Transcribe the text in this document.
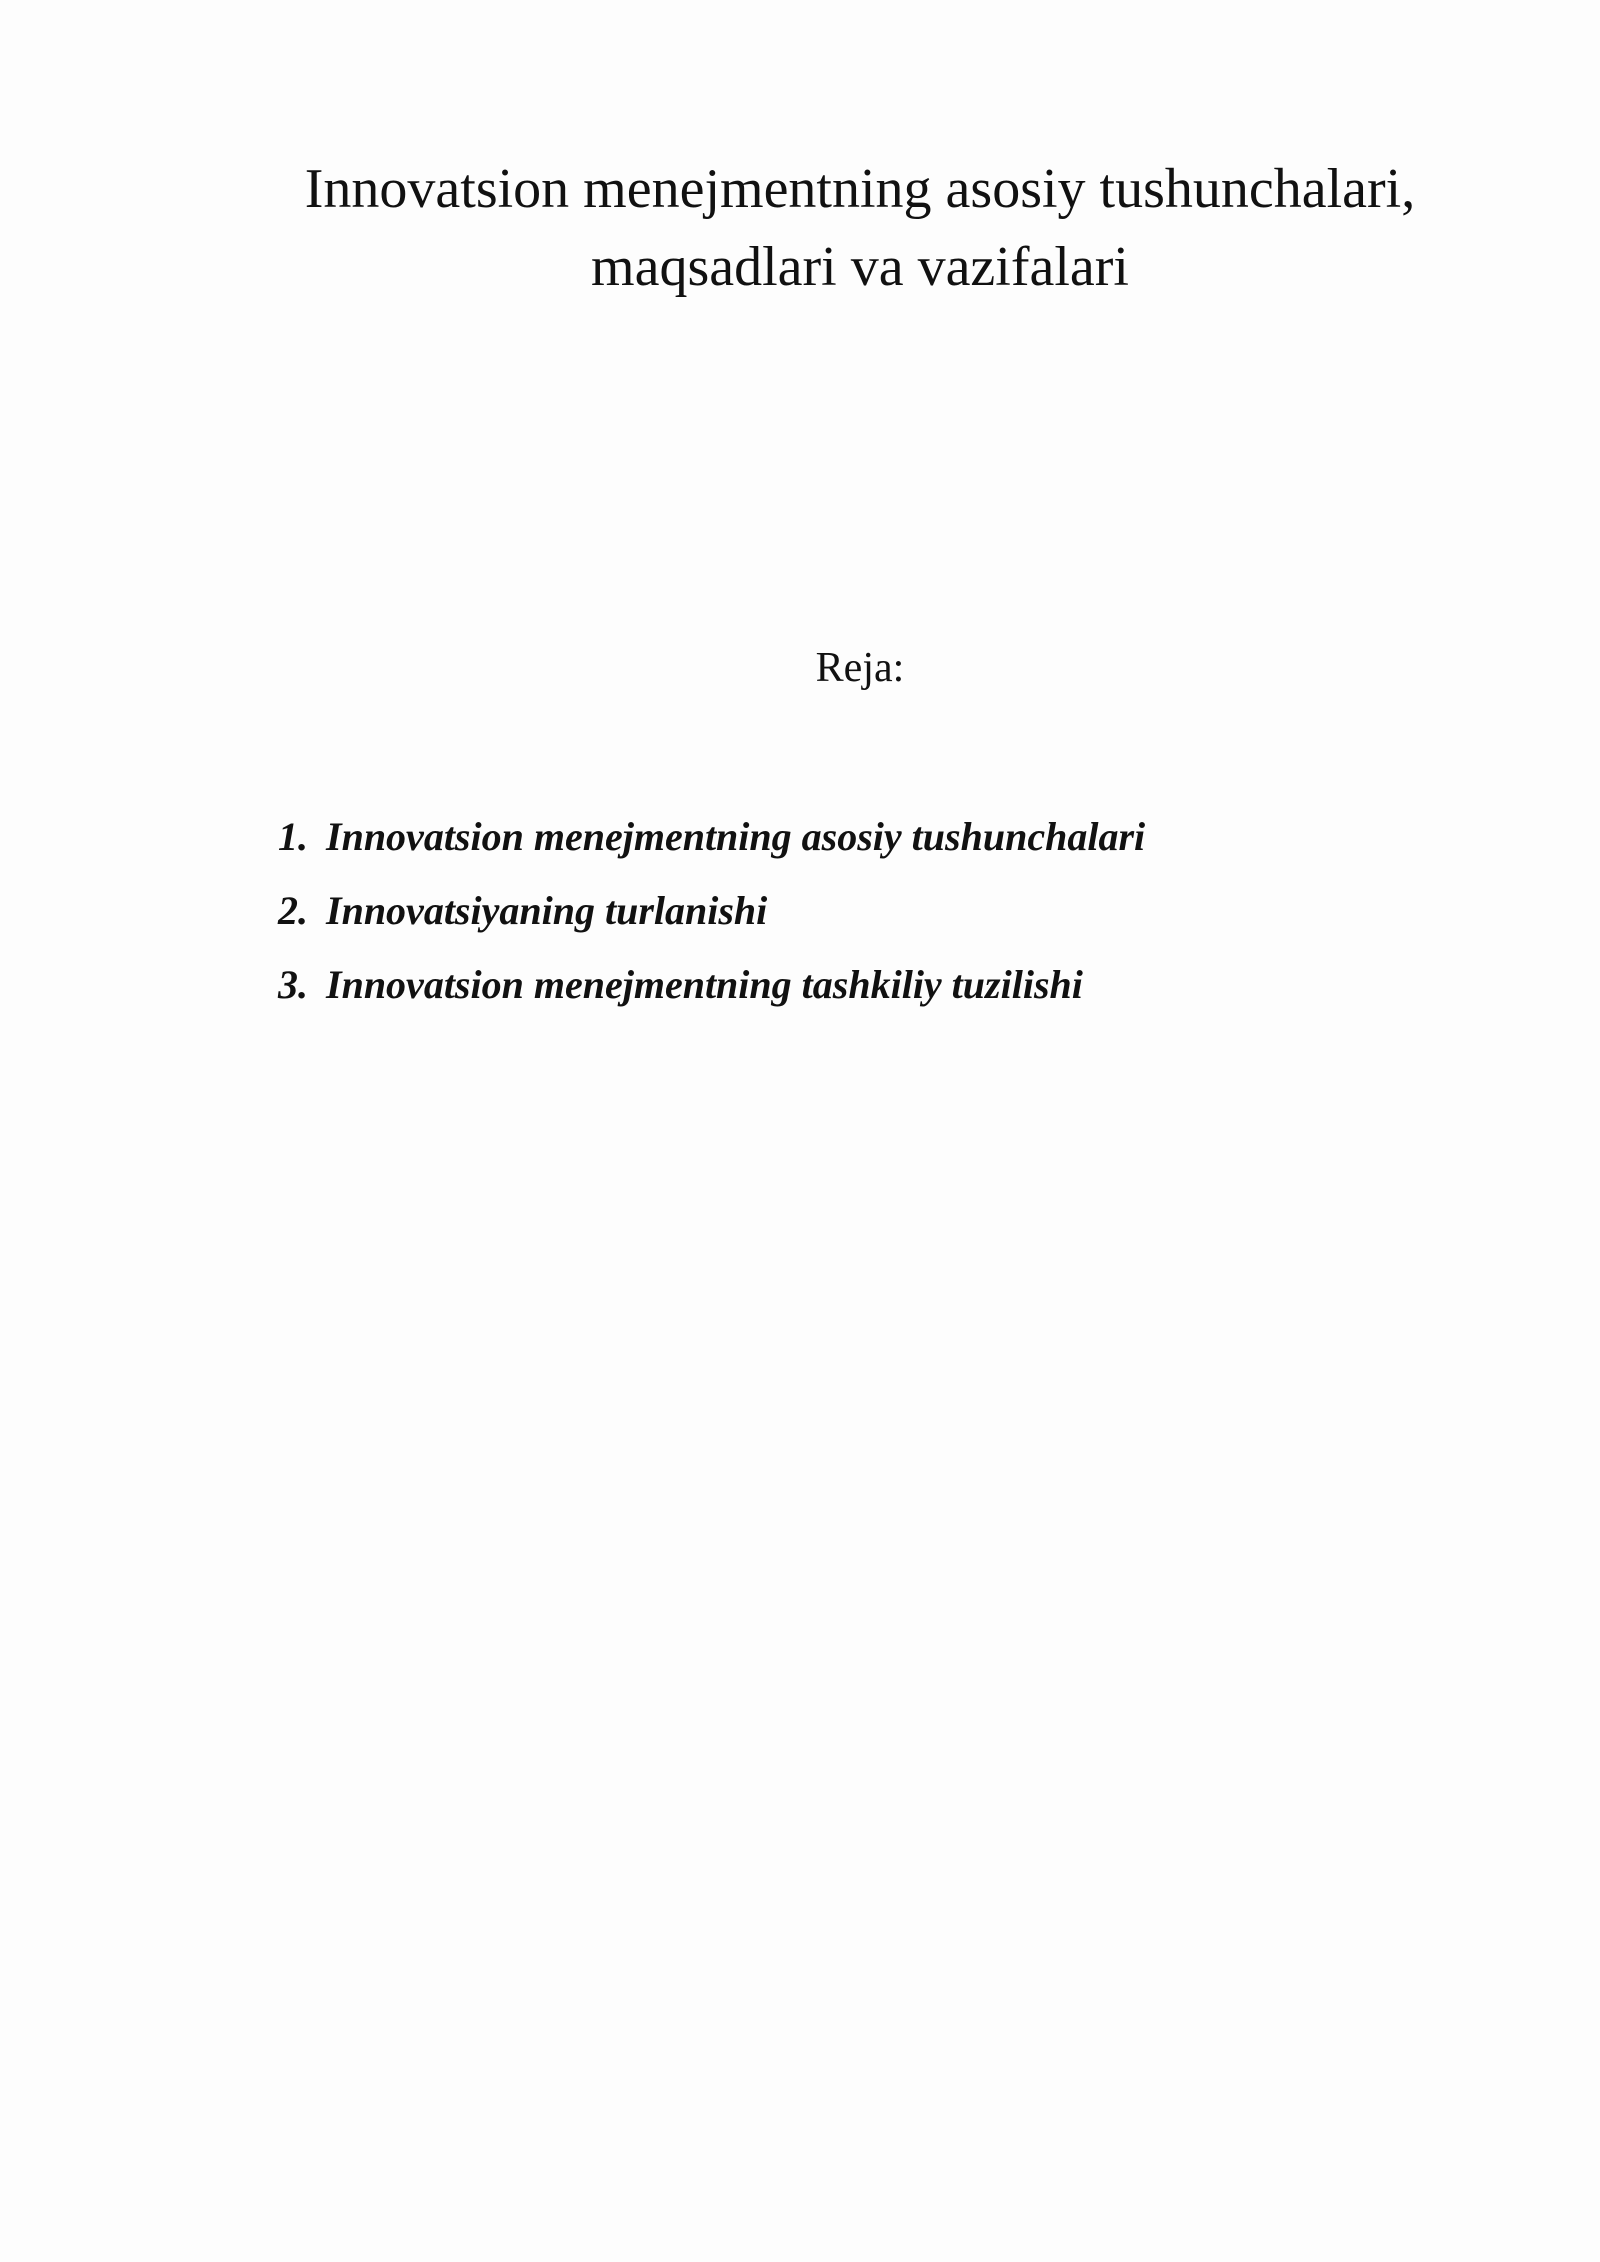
Innovatsion menejmentning asosiy tushunchalari,
maqsadlari va vazifalari

Reja:

1. Innovatsion menejmentning asosiy tushunchalari
2. Innovatsiyaning turlanishi
3. Innovatsion menejmentning tashkiliy tuzilishi
